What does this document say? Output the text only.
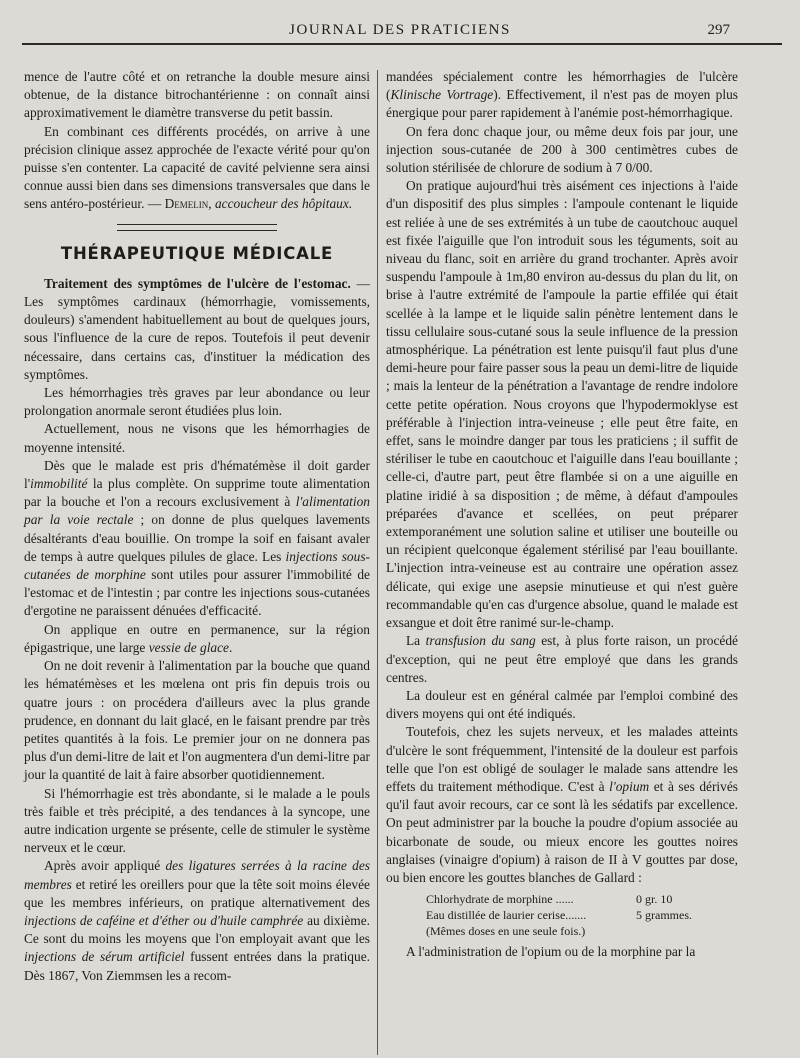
JOURNAL DES PRATICIENS	297

mence de l'autre côté et on retranche la double mesure ainsi obtenue, de la distance bitrochantérienne : on connaît ainsi approximativement le diamètre transverse du petit bassin.

En combinant ces différents procédés, on arrive à une précision clinique assez approchée de l'exacte vérité pour qu'on puisse s'en contenter. La capacité de cavité pelvienne sera ainsi connue aussi bien dans ses dimensions transversales que dans le sens antéro-postérieur. — Demelin, accoucheur des hôpitaux.

THÉRAPEUTIQUE MÉDICALE

Traitement des symptômes de l'ulcère de l'estomac. — Les symptômes cardinaux (hémorrhagie, vomissements, douleurs) s'amendent habituellement au bout de quelques jours, sous l'influence de la cure de repos. Toutefois il peut devenir nécessaire, dans certains cas, d'instituer la médication des symptômes.

Les hémorrhagies très graves par leur abondance ou leur prolongation anormale seront étudiées plus loin.

Actuellement, nous ne visons que les hémorrhagies de moyenne intensité.

Dès que le malade est pris d'hématémèse il doit garder l'immobilité la plus complète. On supprime toute alimentation par la bouche et l'on a recours exclusivement à l'alimentation par la voie rectale ; on donne de plus quelques lavements désaltérants d'eau bouillie. On trompe la soif en faisant avaler de temps à autre quelques pilules de glace. Les injections sous-cutanées de morphine sont utiles pour assurer l'immobilité de l'estomac et de l'intestin ; par contre les injections sous-cutanées d'ergotine ne paraissent dénuées d'efficacité.

On applique en outre en permanence, sur la région épigastrique, une large vessie de glace.

On ne doit revenir à l'alimentation par la bouche que quand les hématémèses et les mœlena ont pris fin depuis trois ou quatre jours : on procédera d'ailleurs avec la plus grande prudence, en donnant du lait glacé, en le faisant prendre par très petites quantités à la fois. Le premier jour on ne donnera pas plus d'un demi-litre de lait et l'on augmentera d'un demi-litre par jour la quantité de lait à faire absorber quotidiennement.

Si l'hémorrhagie est très abondante, si le malade a le pouls très faible et très précipité, a des tendances à la syncope, une autre indication urgente se présente, celle de stimuler le système nerveux et le cœur.

Après avoir appliqué des ligatures serrées à la racine des membres et retiré les oreillers pour que la tête soit moins élevée que les membres inférieurs, on pratique alternativement des injections de caféine et d'éther ou d'huile camphrée au dixième. Ce sont du moins les moyens que l'on employait avant que les injections de sérum artificiel fussent entrées dans la pratique. Dès 1867, Von Ziemmsen les a recom-

mandées spécialement contre les hémorrhagies de l'ulcère (Klinische Vortrage). Effectivement, il n'est pas de moyen plus énergique pour parer rapidement à l'anémie post-hémorrhagique.

On fera donc chaque jour, ou même deux fois par jour, une injection sous-cutanée de 200 à 300 centimètres cubes de solution stérilisée de chlorure de sodium à 7 0/00.

On pratique aujourd'hui très aisément ces injections à l'aide d'un dispositif des plus simples : l'ampoule contenant le liquide est reliée à une de ses extrémités à un tube de caoutchouc auquel est fixée l'aiguille que l'on introduit sous les téguments, soit au niveau du flanc, soit en arrière du grand trochanter. Après avoir suspendu l'ampoule à 1m,80 environ au-dessus du plan du lit, on brise à l'autre extrémité de l'ampoule la partie effilée qui était scellée à la lampe et le liquide salin pénètre lentement dans le tissu cellulaire sous-cutané sous la seule influence de la pression atmosphérique. La pénétration est lente puisqu'il faut plus d'une demi-heure pour faire passer sous la peau un demi-litre de liquide ; mais la lenteur de la pénétration a l'avantage de rendre indolore cette petite opération. Nous croyons que l'hypodermoklyse est préférable à l'injection intra-veineuse ; elle peut être faite, en effet, sans le moindre danger par tous les praticiens ; il suffit de stériliser le tube en caoutchouc et l'aiguille dans l'eau bouillante ; celle-ci, d'autre part, peut être flambée si on a une aiguille en platine iridié à sa disposition ; de même, à défaut d'ampoules préparées d'avance et scellées, on peut préparer extemporanément une solution saline et utiliser une bouteille ou un récipient quelconque également stérilisé par l'eau bouillante. L'injection intra-veineuse est au contraire une opération assez délicate, qui exige une asepsie minutieuse et qui n'est guère recommandable qu'en cas d'urgence absolue, quand le malade est exsangue et doit être ranimé sur-le-champ.

La transfusion du sang est, à plus forte raison, un procédé d'exception, qui ne peut être employé que dans les grands centres.

La douleur est en général calmée par l'emploi combiné des divers moyens qui ont été indiqués.

Toutefois, chez les sujets nerveux, et les malades atteints d'ulcère le sont fréquemment, l'intensité de la douleur est parfois telle que l'on est obligé de soulager le malade sans attendre les effets du traitement méthodique. C'est à l'opium et à ses dérivés qu'il faut avoir recours, car ce sont là les sédatifs par excellence. On peut administrer par la bouche la poudre d'opium associée au bicarbonate de soude, ou mieux encore les gouttes noires anglaises (vinaigre d'opium) à raison de II à V gouttes par dose, ou bien encore les gouttes blanches de Gallard :

Chlorhydrate de morphine ......	0 gr. 10
Eau distillée de laurier cerise.......	5 grammes.
(Mêmes doses en une seule fois.)

A l'administration de l'opium ou de la morphine par la
